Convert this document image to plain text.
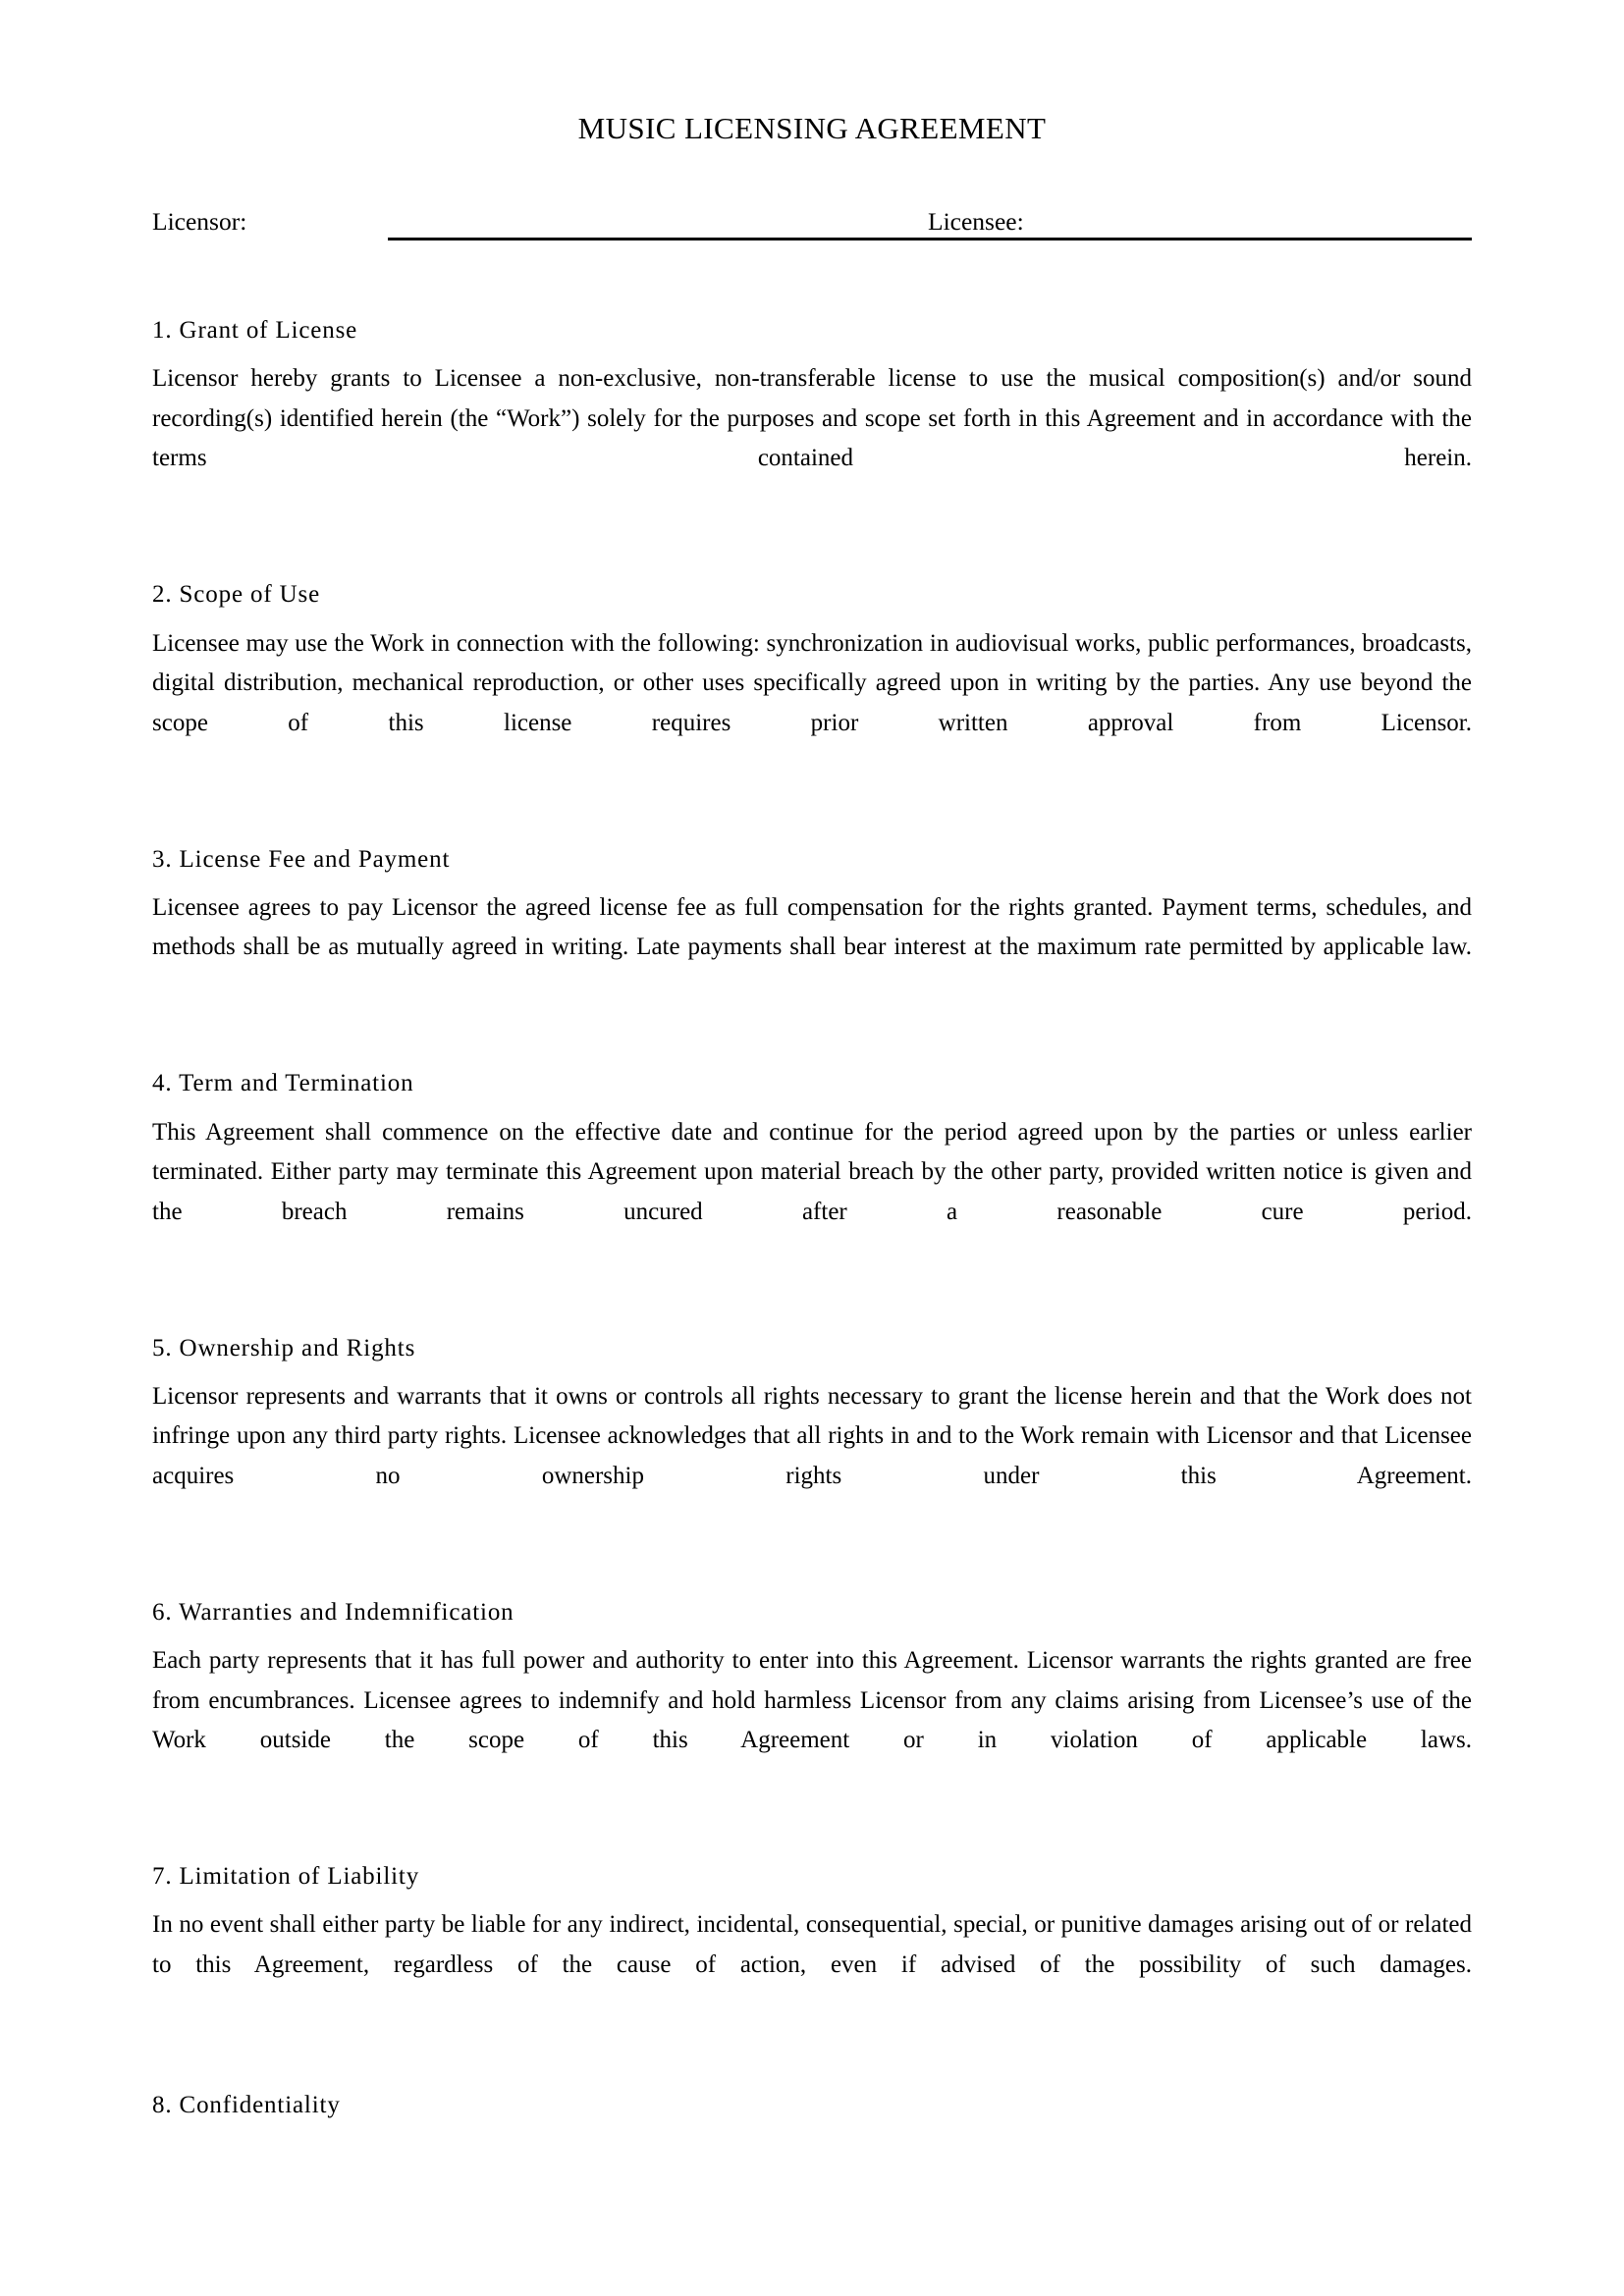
MUSIC LICENSING AGREEMENT
Licensor:	Licensee:
1. Grant of License

Licensor hereby grants to Licensee a non-exclusive, non-transferable license to use the musical composition(s) and/or sound recording(s) identified herein (the “Work”) solely for the purposes and scope set forth in this Agreement and in accordance with the terms contained herein.

2. Scope of Use

Licensee may use the Work in connection with the following: synchronization in audiovisual works, public performances, broadcasts, digital distribution, mechanical reproduction, or other uses specifically agreed upon in writing by the parties. Any use beyond the scope of this license requires prior written approval from Licensor.

3. License Fee and Payment

Licensee agrees to pay Licensor the agreed license fee as full compensation for the rights granted. Payment terms, schedules, and methods shall be as mutually agreed in writing. Late payments shall bear interest at the maximum rate permitted by applicable law.

4. Term and Termination

This Agreement shall commence on the effective date and continue for the period agreed upon by the parties or unless earlier terminated. Either party may terminate this Agreement upon material breach by the other party, provided written notice is given and the breach remains uncured after a reasonable cure period.

5. Ownership and Rights

Licensor represents and warrants that it owns or controls all rights necessary to grant the license herein and that the Work does not infringe upon any third party rights. Licensee acknowledges that all rights in and to the Work remain with Licensor and that Licensee acquires no ownership rights under this Agreement.

6. Warranties and Indemnification

Each party represents that it has full power and authority to enter into this Agreement. Licensor warrants the rights granted are free from encumbrances. Licensee agrees to indemnify and hold harmless Licensor from any claims arising from Licensee’s use of the Work outside the scope of this Agreement or in violation of applicable laws.

7. Limitation of Liability

In no event shall either party be liable for any indirect, incidental, consequential, special, or punitive damages arising out of or related to this Agreement, regardless of the cause of action, even if advised of the possibility of such damages.

8. Confidentiality
